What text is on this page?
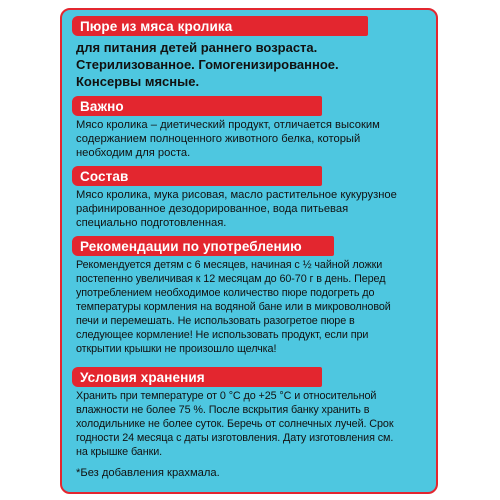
Пюре из мяса кролика

для питания детей раннего возраста.

Стерилизованное. Гомогенизированное.

Консервы мясные.

Важно

Мясо кролика – диетический продукт, отличается высоким

содержанием полноценного животного белка, который

необходим для роста.

Состав

Мясо кролика, мука рисовая, масло растительное кукурузное

рафинированное дезодорированное, вода питьевая

специально подготовленная.

Рекомендации по употреблению

Рекомендуется детям с 6 месяцев, начиная с ½ чайной ложки

постепенно увеличивая к 12 месяцам до 60-70 г в день. Перед

употреблением необходимое количество пюре подогреть до

температуры кормления на водяной бане или в микроволновой

печи и перемешать. Не использовать разогретое пюре в

следующее кормление! Не использовать продукт, если при

открытии крышки не произошло щелчка!

Условия хранения

Хранить при температуре от 0 °С до +25 °С и относительной

влажности не более 75 %. После вскрытия банку хранить в

холодильнике не более суток. Беречь от солнечных лучей. Срок

годности 24 месяца с даты изготовления. Дату изготовления см.

на крышке банки.

*Без добавления крахмала.
